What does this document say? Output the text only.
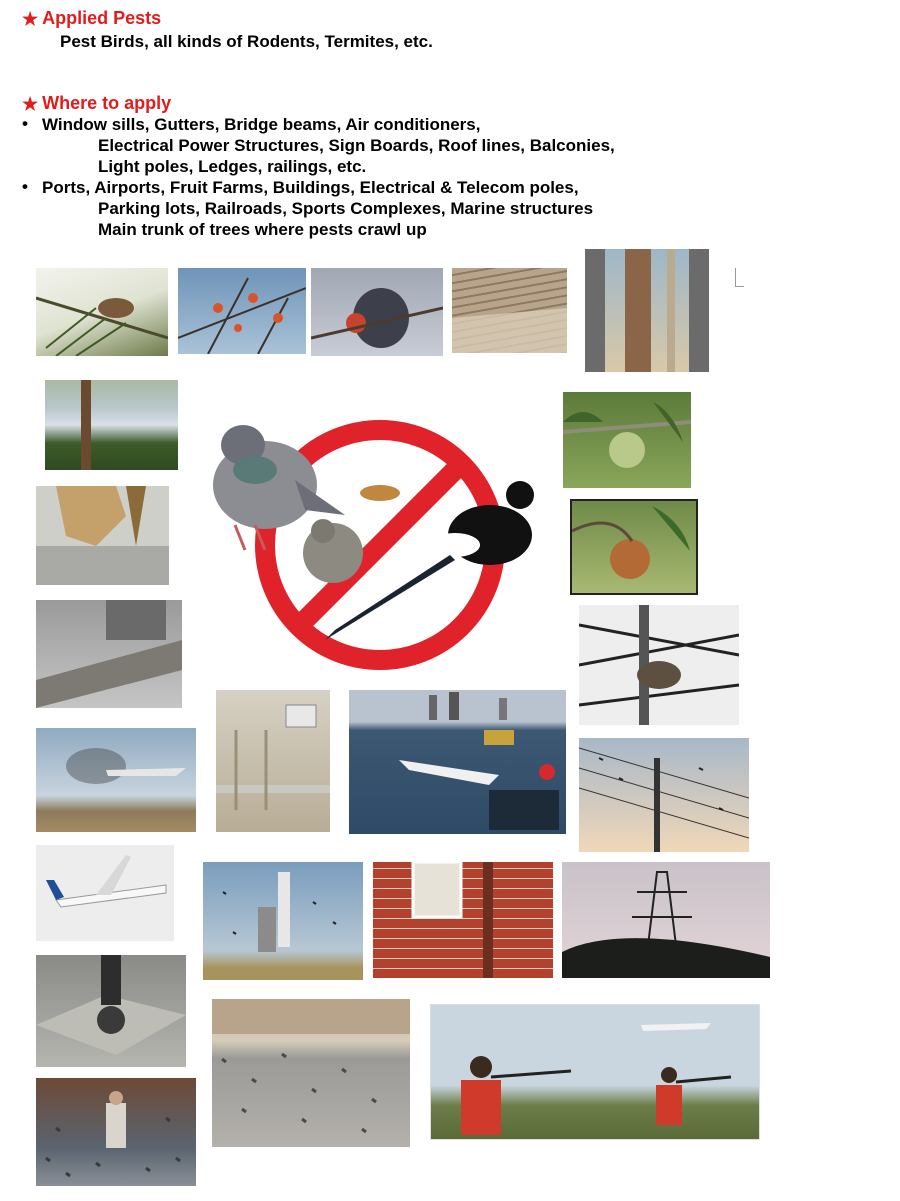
★ Applied Pests
Pest Birds, all kinds of Rodents, Termites, etc.
★ Where to apply
• Window sills, Gutters, Bridge beams, Air conditioners,
Electrical Power Structures, Sign Boards, Roof lines, Balconies,
Light poles, Ledges, railings, etc.
• Ports, Airports, Fruit Farms, Buildings, Electrical & Telecom poles,
Parking lots, Railroads, Sports Complexes, Marine structures
Main trunk of trees where pests crawl up
